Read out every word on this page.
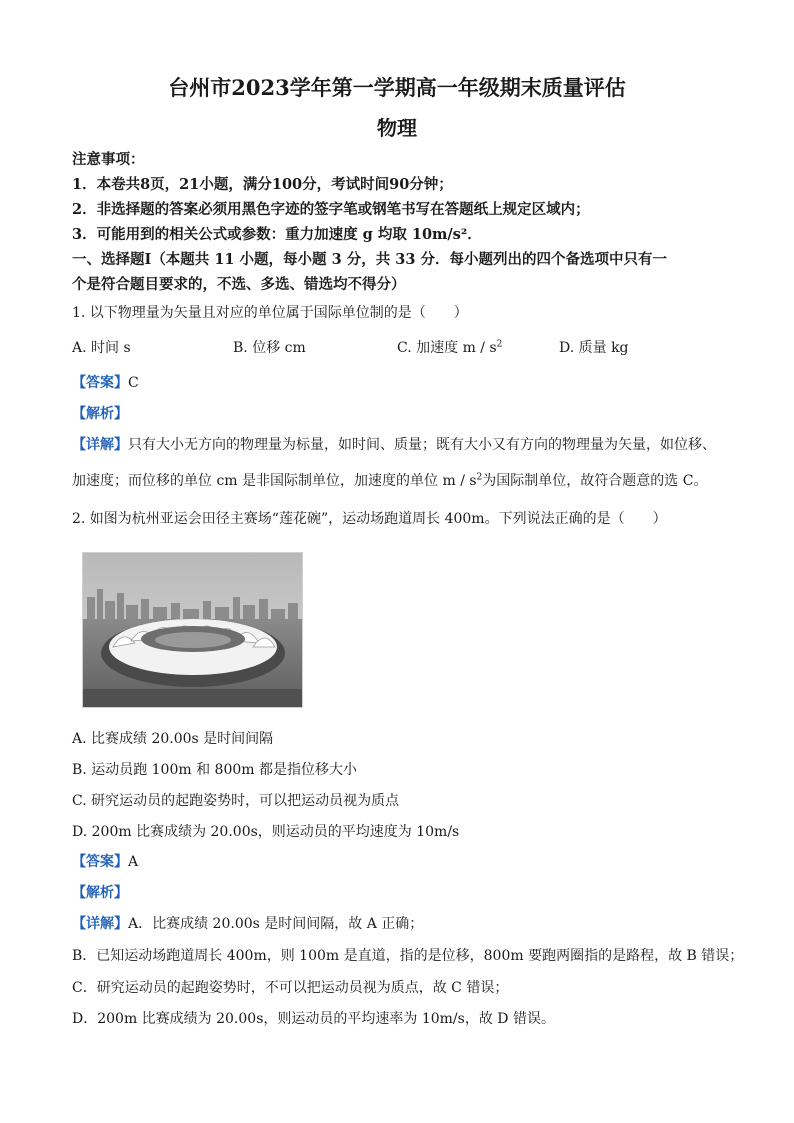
台州市2023学年第一学期高一年级期末质量评估
物理
注意事项：
1．本卷共8页，21小题，满分100分，考试时间90分钟；
2．非选择题的答案必须用黑色字迹的签字笔或钢笔书写在答题纸上规定区域内；
3．可能用到的相关公式或参数：重力加速度 g 均取 10m/s²．
一、选择题Ⅰ（本题共 11 小题，每小题 3 分，共 33 分．每小题列出的四个备选项中只有一
个是符合题目要求的，不选、多选、错选均不得分）
1. 以下物理量为矢量且对应的单位属于国际单位制的是（　　）
A. 时间 s	B. 位移 cm	C. 加速度 m / $s^2$	D. 质量 kg
【答案】C
【解析】
【详解】只有大小无方向的物理量为标量，如时间、质量；既有大小又有方向的物理量为矢量，如位移、
加速度；而位移的单位 cm 是非国际制单位，加速度的单位 m / $s^2$为国际制单位，故符合题意的选 C。
2. 如图为杭州亚运会田径主赛场“莲花碗”，运动场跑道周长 400m。下列说法正确的是（　　）
A. 比赛成绩 20.00s 是时间间隔
B. 运动员跑 100m 和 800m 都是指位移大小
C. 研究运动员的起跑姿势时，可以把运动员视为质点
D. 200m 比赛成绩为 20.00s，则运动员的平均速度为 10m/s
【答案】A
【解析】
【详解】A．比赛成绩 20.00s 是时间间隔，故 A 正确；
B．已知运动场跑道周长 400m，则 100m 是直道，指的是位移，800m 要跑两圈指的是路程，故 B 错误；
C．研究运动员的起跑姿势时，不可以把运动员视为质点，故 C 错误；
D．200m 比赛成绩为 20.00s，则运动员的平均速率为 10m/s，故 D 错误。
